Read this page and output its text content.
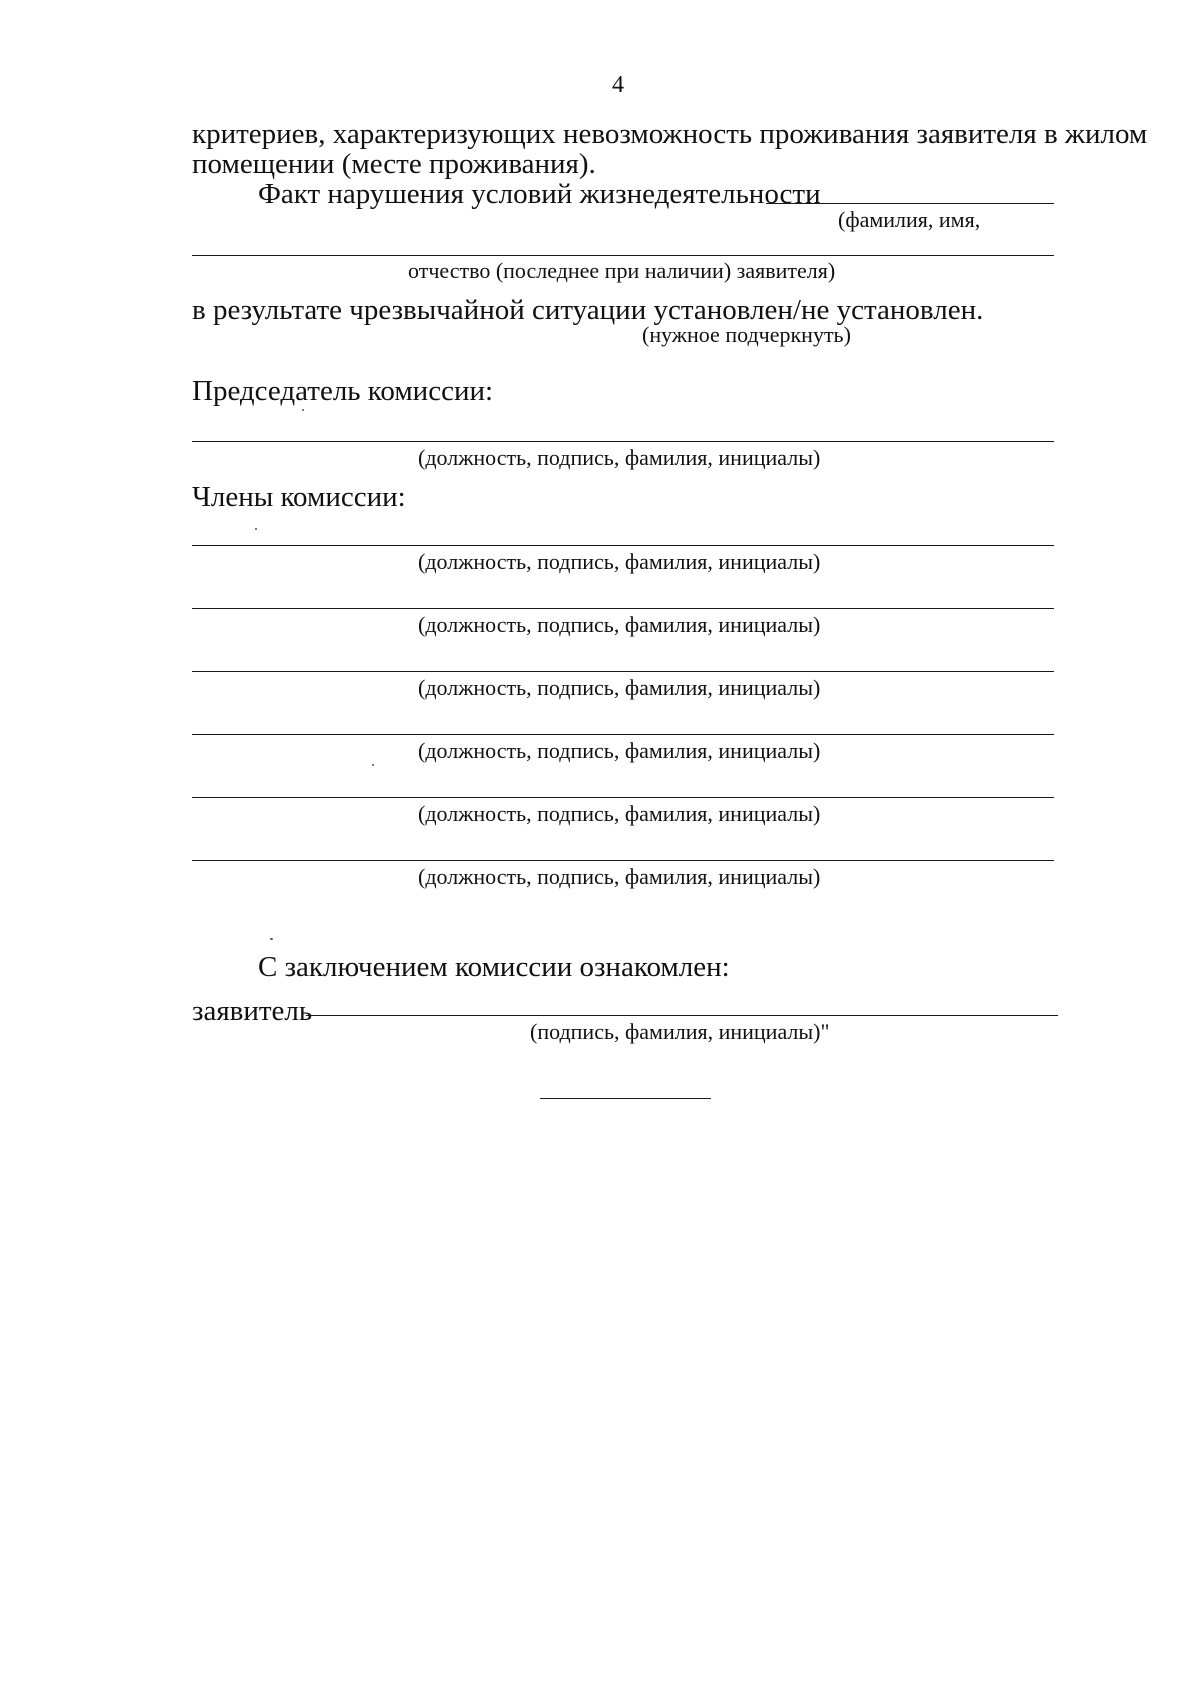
4
критериев, характеризующих невозможность проживания заявителя в жилом
помещении (месте проживания).
Факт нарушения условий жизнедеятельности
(фамилия, имя,
отчество (последнее при наличии) заявителя)
в результате чрезвычайной ситуации установлен/не установлен.
(нужное подчеркнуть)
Председатель комиссии:
(должность, подпись, фамилия, инициалы)
Члены комиссии:
(должность, подпись, фамилия, инициалы)
(должность, подпись, фамилия, инициалы)
(должность, подпись, фамилия, инициалы)
(должность, подпись, фамилия, инициалы)
(должность, подпись, фамилия, инициалы)
(должность, подпись, фамилия, инициалы)
С заключением комиссии ознакомлен:
заявитель
(подпись, фамилия, инициалы)"
